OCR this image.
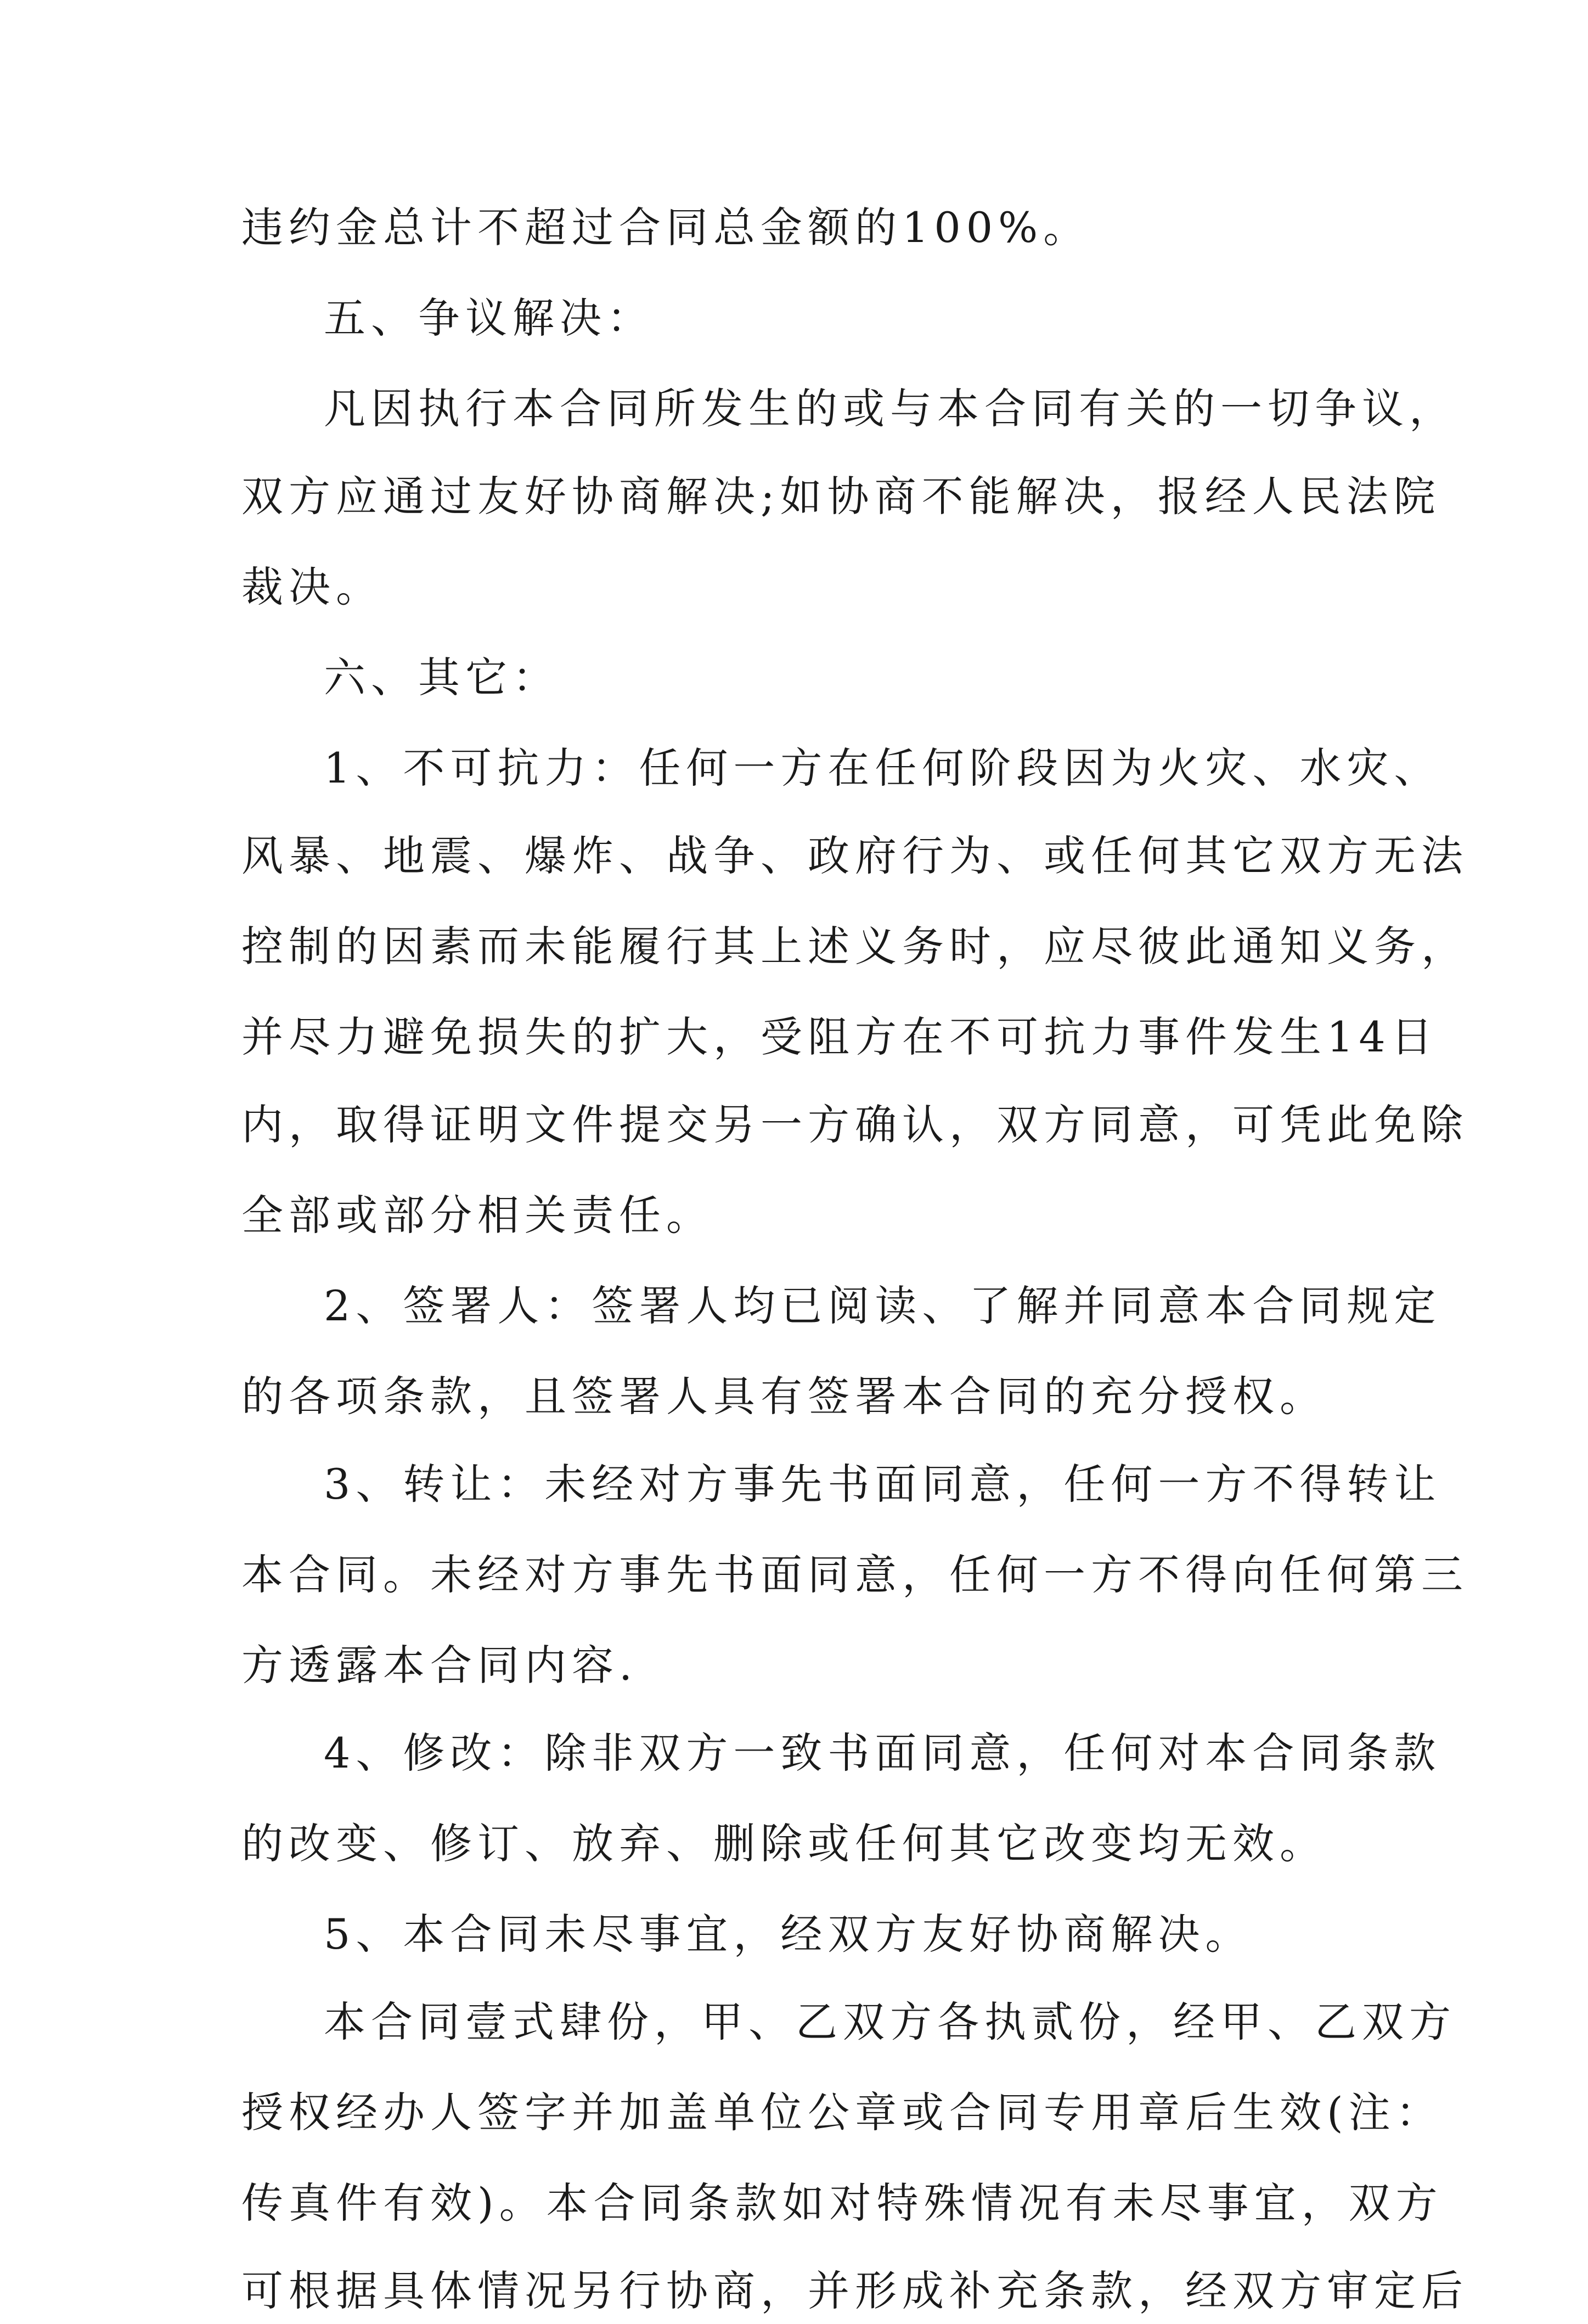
违约金总计不超过合同总金额的100%。
五、争议解决：
凡因执行本合同所发生的或与本合同有关的一切争议，
双方应通过友好协商解决;如协商不能解决，报经人民法院
裁决。
六、其它：
1、不可抗力：任何一方在任何阶段因为火灾、水灾、
风暴、地震、爆炸、战争、政府行为、或任何其它双方无法
控制的因素而未能履行其上述义务时，应尽彼此通知义务，
并尽力避免损失的扩大，受阻方在不可抗力事件发生14日
内，取得证明文件提交另一方确认，双方同意，可凭此免除
全部或部分相关责任。
2、签署人：签署人均已阅读、了解并同意本合同规定
的各项条款，且签署人具有签署本合同的充分授权。
3、转让：未经对方事先书面同意，任何一方不得转让
本合同。未经对方事先书面同意，任何一方不得向任何第三
方透露本合同内容.
4、修改：除非双方一致书面同意，任何对本合同条款
的改变、修订、放弃、删除或任何其它改变均无效。
5、本合同未尽事宜，经双方友好协商解决。
本合同壹式肆份，甲、乙双方各执贰份，经甲、乙双方
授权经办人签字并加盖单位公章或合同专用章后生效(注：
传真件有效)。本合同条款如对特殊情况有未尽事宜，双方
可根据具体情况另行协商，并形成补充条款，经双方审定后
